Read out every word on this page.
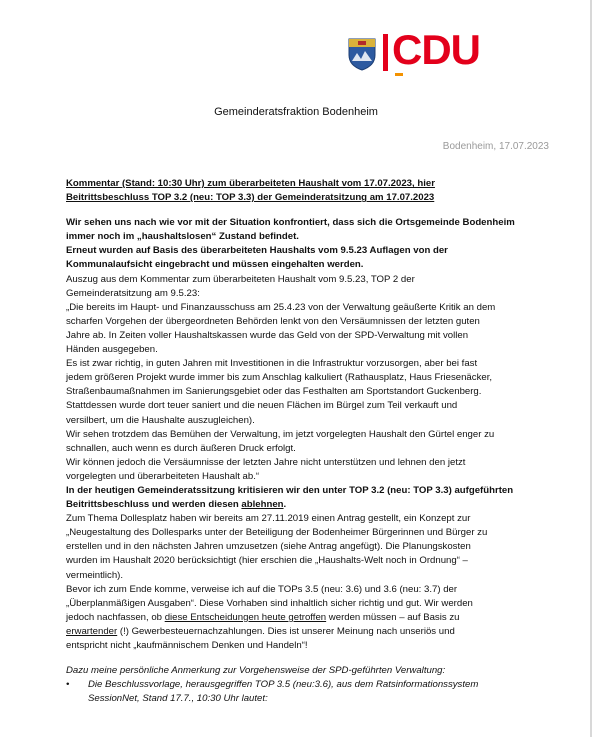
CDU
Gemeinderatsfraktion Bodenheim
Bodenheim, 17.07.2023

Kommentar (Stand: 10:30 Uhr) zum überarbeiteten Haushalt vom 17.07.2023, hier

Beitrittsbeschluss TOP 3.2 (neu: TOP 3.3) der Gemeinderatsitzung am 17.07.2023

Wir sehen uns nach wie vor mit der Situation konfrontiert, dass sich die Ortsgemeinde Bodenheim

immer noch im „haushaltslosen“ Zustand befindet.

Erneut wurden auf Basis des überarbeiteten Haushalts vom 9.5.23 Auflagen von der

Kommunalaufsicht eingebracht und müssen eingehalten werden.

Auszug aus dem Kommentar zum überarbeiteten Haushalt vom 9.5.23, TOP 2 der

Gemeinderatsitzung am 9.5.23:

„Die bereits im Haupt- und Finanzausschuss am 25.4.23 von der Verwaltung geäußerte Kritik an dem

scharfen Vorgehen der übergeordneten Behörden lenkt von den Versäumnissen der letzten guten

Jahre ab. In Zeiten voller Haushaltskassen wurde das Geld von der SPD-Verwaltung mit vollen

Händen ausgegeben.

Es ist zwar richtig, in guten Jahren mit Investitionen in die Infrastruktur vorzusorgen, aber bei fast

jedem größeren Projekt wurde immer bis zum Anschlag kalkuliert (Rathausplatz, Haus Friesenäcker,

Straßenbaumaßnahmen im Sanierungsgebiet oder das Festhalten am Sportstandort Guckenberg.

Stattdessen wurde dort teuer saniert und die neuen Flächen im Bürgel zum Teil verkauft und

versilbert, um die Haushalte auszugleichen).

Wir sehen trotzdem das Bemühen der Verwaltung, im jetzt vorgelegten Haushalt den Gürtel enger zu

schnallen, auch wenn es durch äußeren Druck erfolgt.

Wir können jedoch die Versäumnisse der letzten Jahre nicht unterstützen und lehnen den jetzt

vorgelegten und überarbeiteten Haushalt ab.“

In der heutigen Gemeinderatssitzung kritisieren wir den unter TOP 3.2 (neu: TOP 3.3) aufgeführten

Beitrittsbeschluss und werden diesen ablehnen.

Zum Thema Dollesplatz haben wir bereits am 27.11.2019 einen Antrag gestellt, ein Konzept zur

„Neugestaltung des Dollesparks unter der Beteiligung der Bodenheimer Bürgerinnen und Bürger zu

erstellen und in den nächsten Jahren umzusetzen (siehe Antrag angefügt). Die Planungskosten

wurden im Haushalt 2020 berücksichtigt (hier erschien die „Haushalts-Welt noch in Ordnung“ –

vermeintlich).

Bevor ich zum Ende komme, verweise ich auf die TOPs 3.5 (neu: 3.6) und 3.6 (neu: 3.7) der

„Überplanmäßigen Ausgaben“. Diese Vorhaben sind inhaltlich sicher richtig und gut. Wir werden

jedoch nachfassen, ob diese Entscheidungen heute getroffen werden müssen – auf Basis zu

erwartender (!) Gewerbesteuernachzahlungen. Dies ist unserer Meinung nach unseriös und

entspricht nicht „kaufmännischem Denken und Handeln“!

Dazu meine persönliche Anmerkung zur Vorgehensweise der SPD-geführten Verwaltung:

•	Die Beschlussvorlage, herausgegriffen TOP 3.5 (neu:3.6), aus dem Ratsinformationssystem

SessionNet, Stand 17.7., 10:30 Uhr lautet:
